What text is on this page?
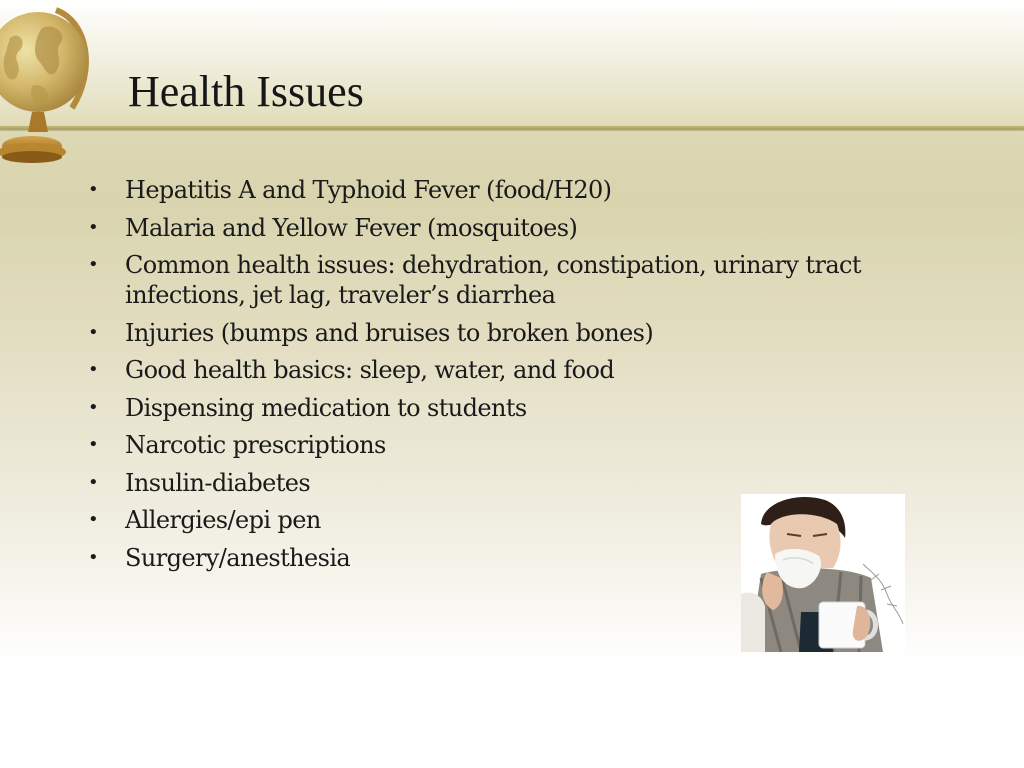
Health Issues
•	Hepatitis A and Typhoid Fever (food/H20)
•	Malaria and Yellow Fever (mosquitoes)
•	Common health issues: dehydration, constipation, urinary tract infections, jet lag, traveler’s diarrhea
•	Injuries (bumps and bruises to broken bones)
•	Good health basics: sleep, water, and food
•	Dispensing medication to students
•	Narcotic prescriptions
•	Insulin-diabetes
•	Allergies/epi pen
•	Surgery/anesthesia
